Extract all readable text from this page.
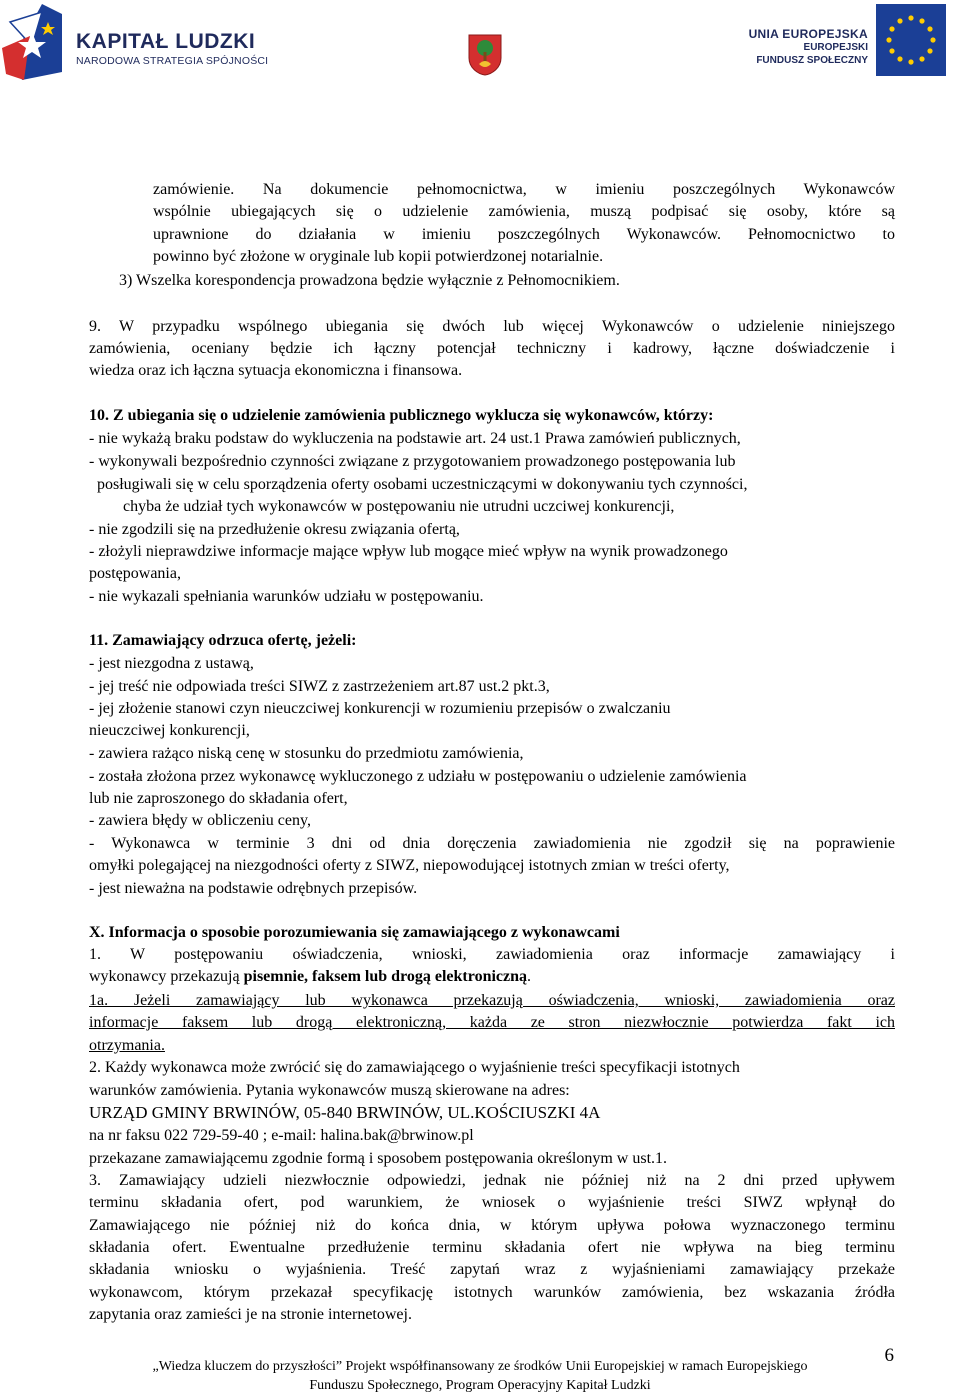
KAPITAŁ LUDZKI
NARODOWA STRATEGIA SPÓJNOŚCI
UNIA EUROPEJSKA
EUROPEJSKI
FUNDUSZ SPOŁECZNY
zamówienie. Na dokumencie pełnomocnictwa, w imieniu poszczególnych Wykonawców
wspólnie ubiegających się o udzielenie zamówienia, muszą podpisać się osoby, które są
uprawnione do działania w imieniu poszczególnych Wykonawców. Pełnomocnictwo to
powinno być złożone w oryginale lub kopii potwierdzonej notarialnie.
3) Wszelka korespondencja prowadzona będzie wyłącznie z Pełnomocnikiem.
9. W przypadku wspólnego ubiegania się dwóch lub więcej Wykonawców o udzielenie niniejszego
zamówienia, oceniany będzie ich łączny potencjał techniczny i kadrowy, łączne doświadczenie i
wiedza oraz ich łączna sytuacja ekonomiczna i finansowa.
10. Z ubiegania się o udzielenie zamówienia publicznego wyklucza się wykonawców, którzy:
- nie wykażą braku podstaw do wykluczenia na podstawie art. 24 ust.1 Prawa zamówień publicznych,
- wykonywali bezpośrednio czynności związane z przygotowaniem prowadzonego postępowania lub
posługiwali się w celu sporządzenia oferty osobami uczestniczącymi w dokonywaniu tych czynności,
chyba że udział tych wykonawców w postępowaniu nie utrudni uczciwej konkurencji,
- nie zgodzili się na przedłużenie okresu związania ofertą,
- złożyli nieprawdziwe informacje mające wpływ lub mogące mieć wpływ na wynik prowadzonego
postępowania,
- nie wykazali spełniania warunków udziału w postępowaniu.
11. Zamawiający odrzuca ofertę, jeżeli:
- jest niezgodna z ustawą,
- jej treść nie odpowiada treści SIWZ z zastrzeżeniem art.87 ust.2 pkt.3,
- jej złożenie stanowi czyn nieuczciwej konkurencji w rozumieniu przepisów o zwalczaniu
nieuczciwej konkurencji,
- zawiera rażąco niską cenę w stosunku do przedmiotu zamówienia,
- została złożona przez wykonawcę wykluczonego z udziału w postępowaniu o udzielenie zamówienia
lub nie zaproszonego do składania ofert,
- zawiera błędy w obliczeniu ceny,
- Wykonawca w terminie 3 dni od dnia doręczenia zawiadomienia nie zgodził się na poprawienie
omyłki polegającej na niezgodności oferty z SIWZ, niepowodującej istotnych zmian w treści oferty,
- jest nieważna na podstawie odrębnych przepisów.
X. Informacja o sposobie porozumiewania się zamawiającego z wykonawcami
1. W postępowaniu oświadczenia, wnioski, zawiadomienia oraz informacje zamawiający i
wykonawcy przekazują pisemnie, faksem lub drogą elektroniczną.
1a. Jeżeli zamawiający lub wykonawca przekazują oświadczenia, wnioski, zawiadomienia oraz
informacje faksem lub drogą elektroniczną, każda ze stron niezwłocznie potwierdza fakt ich
otrzymania.
2. Każdy wykonawca może zwrócić się do zamawiającego o wyjaśnienie treści specyfikacji istotnych
warunków zamówienia. Pytania wykonawców muszą skierowane na adres:
URZĄD GMINY BRWINÓW, 05-840 BRWINÓW, UL.KOŚCIUSZKI 4A
na nr faksu 022 729-59-40 ; e-mail: halina.bak@brwinow.pl
przekazane zamawiającemu zgodnie formą i sposobem postępowania określonym w ust.1.
3. Zamawiający udzieli niezwłocznie odpowiedzi, jednak nie później niż na 2 dni przed upływem
terminu składania ofert, pod warunkiem, że wniosek o wyjaśnienie treści SIWZ wpłynął do
Zamawiającego nie później niż do końca dnia, w którym upływa połowa wyznaczonego terminu
składania ofert. Ewentualne przedłużenie terminu składania ofert nie wpływa na bieg terminu
składania wniosku o wyjaśnienia. Treść zapytań wraz z wyjaśnieniami zamawiający przekaże
wykonawcom, którym przekazał specyfikację istotnych warunków zamówienia, bez wskazania źródła
zapytania oraz zamieści je na stronie internetowej.
„Wiedza kluczem do przyszłości” Projekt współfinansowany ze środków Unii Europejskiej w ramach Europejskiego
Funduszu Społecznego, Program Operacyjny Kapitał Ludzki
6
